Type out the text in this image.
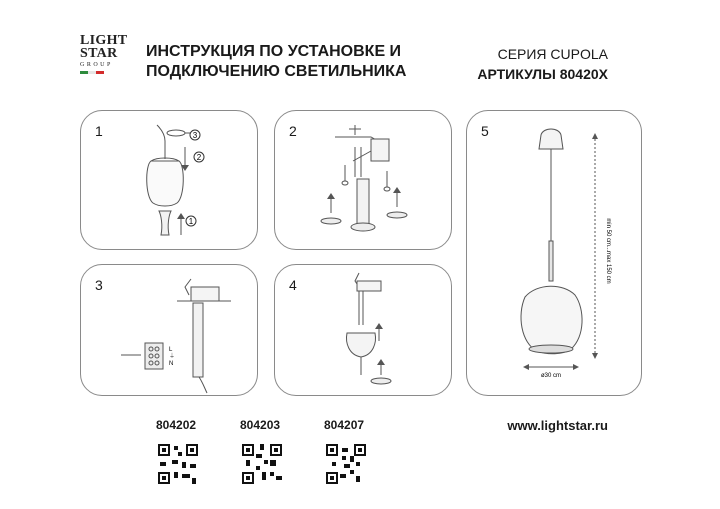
LIGHT
STAR
GROUP
ИНСТРУКЦИЯ ПО УСТАНОВКЕ И
ПОДКЛЮЧЕНИЮ СВЕТИЛЬНИКА
СЕРИЯ CUPOLA
АРТИКУЛЫ 80420X
1	3
2
1
2
3
L
⏚
N
4
5
min 50 cm...max 150 cm
ø30 cm
804202	804203	804207	www.lightstar.ru
